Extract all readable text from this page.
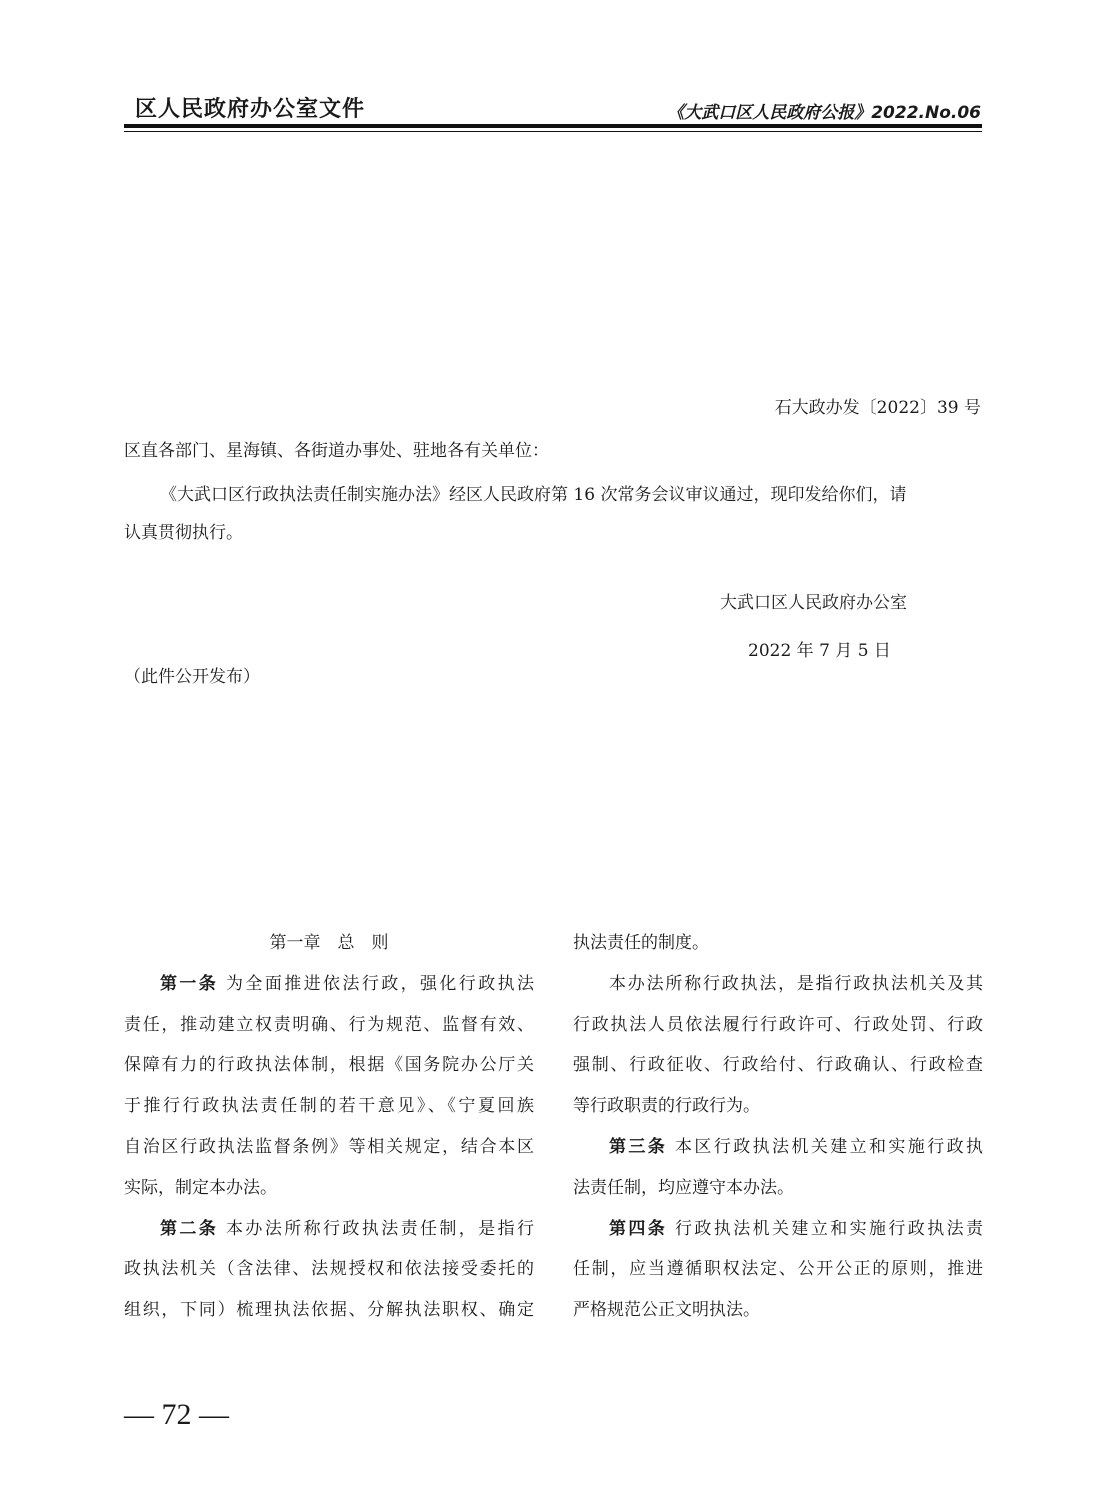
区人民政府办公室文件	《大武口区人民政府公报》2022.No.06
石大政办发〔2022〕39 号
区直各部门、星海镇、各街道办事处、驻地各有关单位：
《大武口区行政执法责任制实施办法》经区人民政府第 16 次常务会议审议通过，现印发给你们，请
认真贯彻执行。
大武口区人民政府办公室
2022 年 7 月 5 日
（此件公开发布）
第一章　总　则
第一条 为全面推进依法行政，强化行政执法
责任，推动建立权责明确、行为规范、监督有效、
保障有力的行政执法体制，根据《国务院办公厅关
于推行行政执法责任制的若干意见》、《宁夏回族
自治区行政执法监督条例》等相关规定，结合本区
实际，制定本办法。
第二条 本办法所称行政执法责任制，是指行
政执法机关（含法律、法规授权和依法接受委托的
组织，下同）梳理执法依据、分解执法职权、确定
执法责任的制度。
本办法所称行政执法，是指行政执法机关及其
行政执法人员依法履行行政许可、行政处罚、行政
强制、行政征收、行政给付、行政确认、行政检查
等行政职责的行政行为。
第三条 本区行政执法机关建立和实施行政执
法责任制，均应遵守本办法。
第四条 行政执法机关建立和实施行政执法责
任制，应当遵循职权法定、公开公正的原则，推进
严格规范公正文明执法。
— 72 —
